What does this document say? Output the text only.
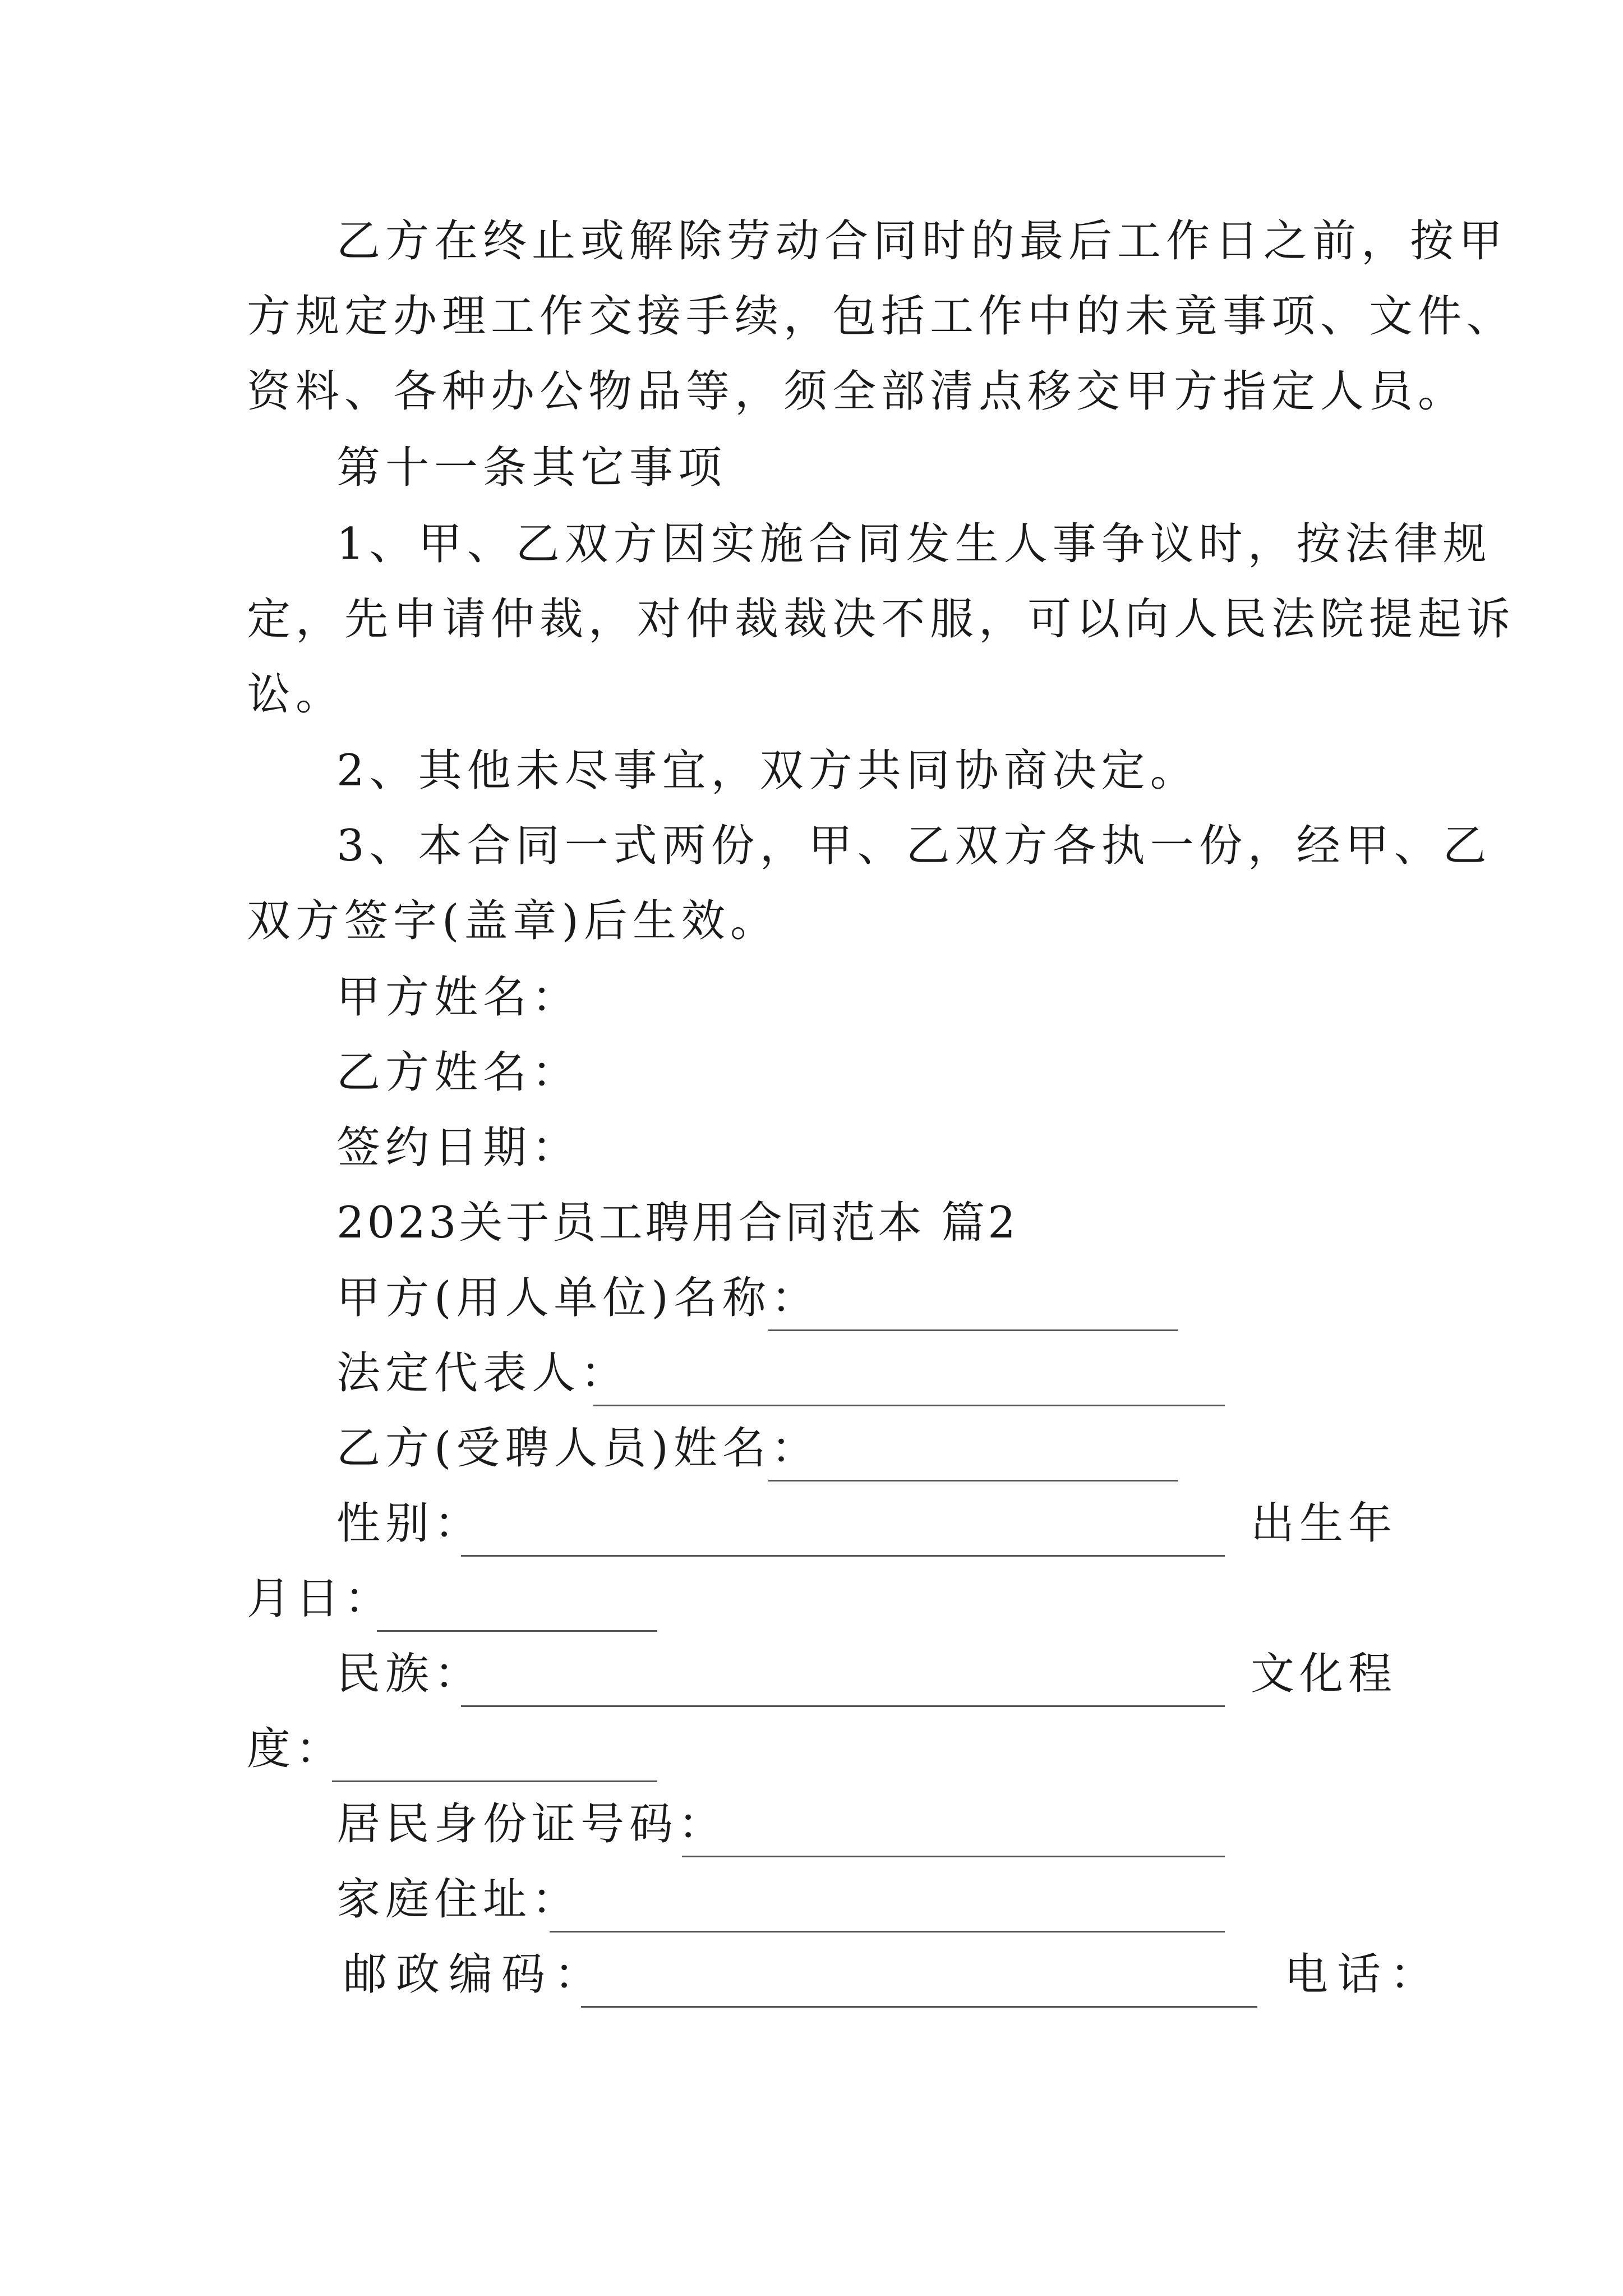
乙方在终止或解除劳动合同时的最后工作日之前，按甲
方规定办理工作交接手续，包括工作中的未竟事项、文件、
资料、各种办公物品等，须全部清点移交甲方指定人员。
第十一条其它事项
1、甲、乙双方因实施合同发生人事争议时，按法律规
定，先申请仲裁，对仲裁裁决不服，可以向人民法院提起诉
讼。
2、其他未尽事宜，双方共同协商决定。
3、本合同一式两份，甲、乙双方各执一份，经甲、乙
双方签字(盖章)后生效。
甲方姓名：
乙方姓名：
签约日期：
2023关于员工聘用合同范本 篇2
甲方(用人单位)名称：
法定代表人：
乙方(受聘人员)姓名：
性别：	出生年
月日：
民族：	文化程
度：
居民身份证号码：
家庭住址：
邮政编码：	电话：
